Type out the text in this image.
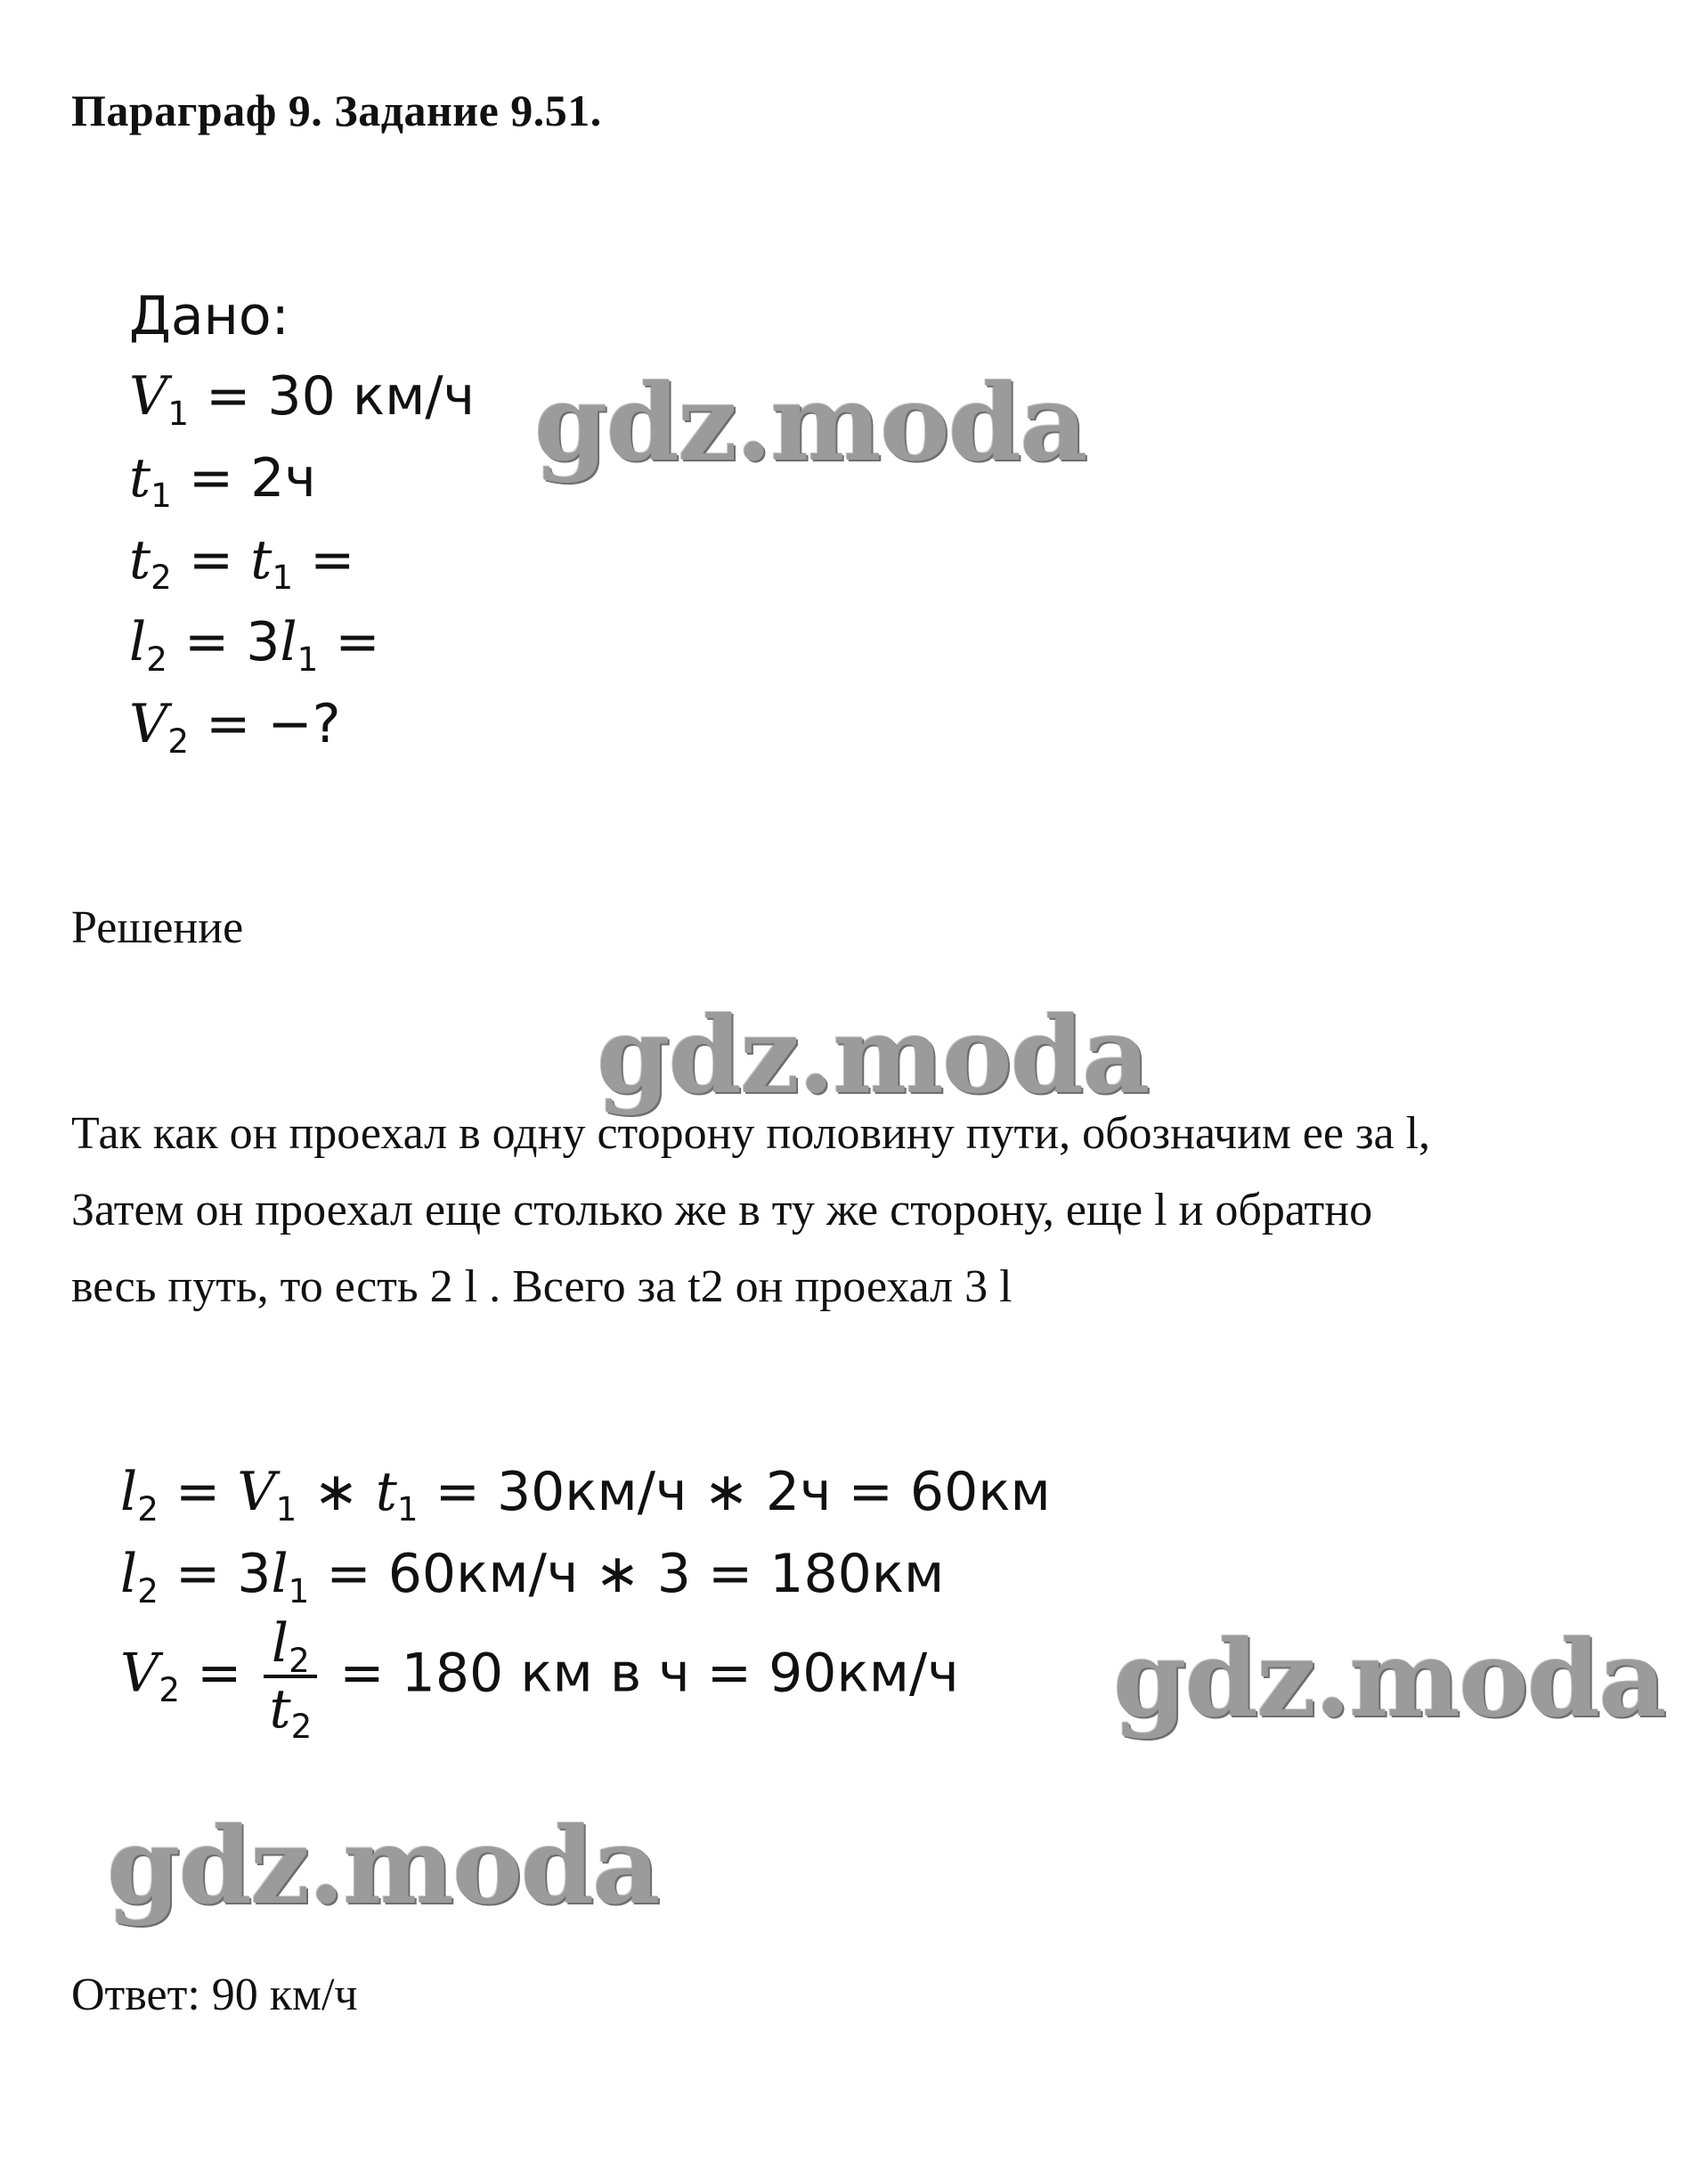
Параграф 9. Задание 9.51.
Дано:
V1 = 30 км/ч
t1 = 2ч
t2 = t1 =
l2 = 3l1 =
V2 = −?
Решение
Так как он проехал в одну сторону половину пути, обозначим ее за l,
Затем он проехал еще столько же в ту же сторону, еще l и обратно
весь путь, то есть 2 l . Всего за t2 он проехал 3 l
l2 = V1 ∗ t1 = 30км/ч ∗ 2ч = 60км
l2 = 3l1 = 60км/ч ∗ 3 = 180км
$V2 = \frac{l2}{t2} = 180$ км в ч = 90км/ч
Ответ: 90 км/ч
gdz.moda
gdz.moda
gdz.moda
gdz.moda
